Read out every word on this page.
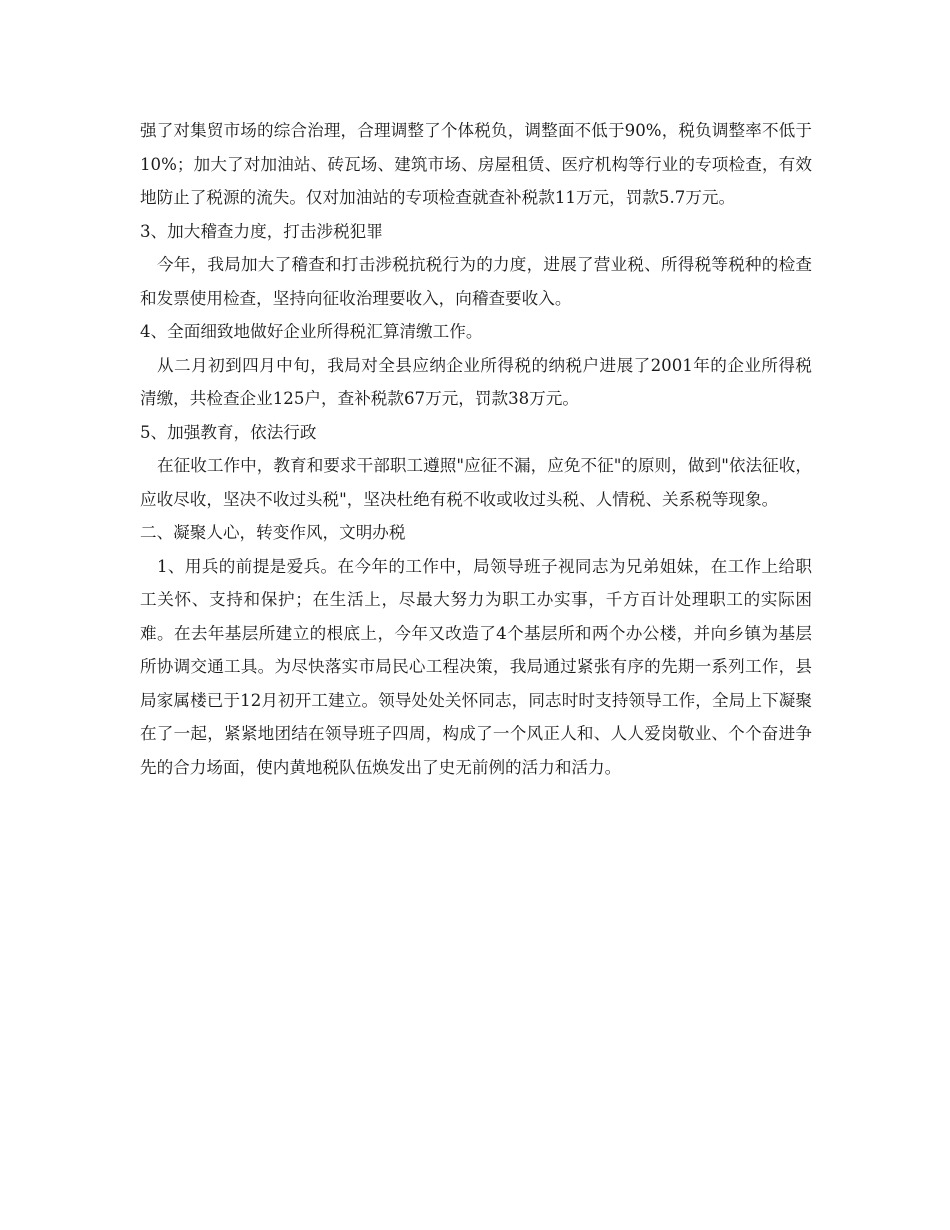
强了对集贸市场的综合治理，合理调整了个体税负，调整面不低于90%，税负调整率不低于10%；加大了对加油站、砖瓦场、建筑市场、房屋租赁、医疗机构等行业的专项检查，有效地防止了税源的流失。仅对加油站的专项检查就查补税款11万元，罚款5.7万元。

3、加大稽查力度，打击涉税犯罪

今年，我局加大了稽查和打击涉税抗税行为的力度，进展了营业税、所得税等税种的检查和发票使用检查，坚持向征收治理要收入，向稽查要收入。

4、全面细致地做好企业所得税汇算清缴工作。

从二月初到四月中旬，我局对全县应纳企业所得税的纳税户进展了2001年的企业所得税清缴，共检查企业125户，查补税款67万元，罚款38万元。

5、加强教育，依法行政

在征收工作中，教育和要求干部职工遵照"应征不漏，应免不征"的原则，做到"依法征收，应收尽收，坚决不收过头税"，坚决杜绝有税不收或收过头税、人情税、关系税等现象。

二、凝聚人心，转变作风，文明办税

1、用兵的前提是爱兵。在今年的工作中，局领导班子视同志为兄弟姐妹，在工作上给职工关怀、支持和保护；在生活上，尽最大努力为职工办实事，千方百计处理职工的实际困难。在去年基层所建立的根底上，今年又改造了4个基层所和两个办公楼，并向乡镇为基层所协调交通工具。为尽快落实市局民心工程决策，我局通过紧张有序的先期一系列工作，县局家属楼已于12月初开工建立。领导处处关怀同志，同志时时支持领导工作，全局上下凝聚在了一起，紧紧地团结在领导班子四周，构成了一个风正人和、人人爱岗敬业、个个奋进争先的合力场面，使内黄地税队伍焕发出了史无前例的活力和活力。
